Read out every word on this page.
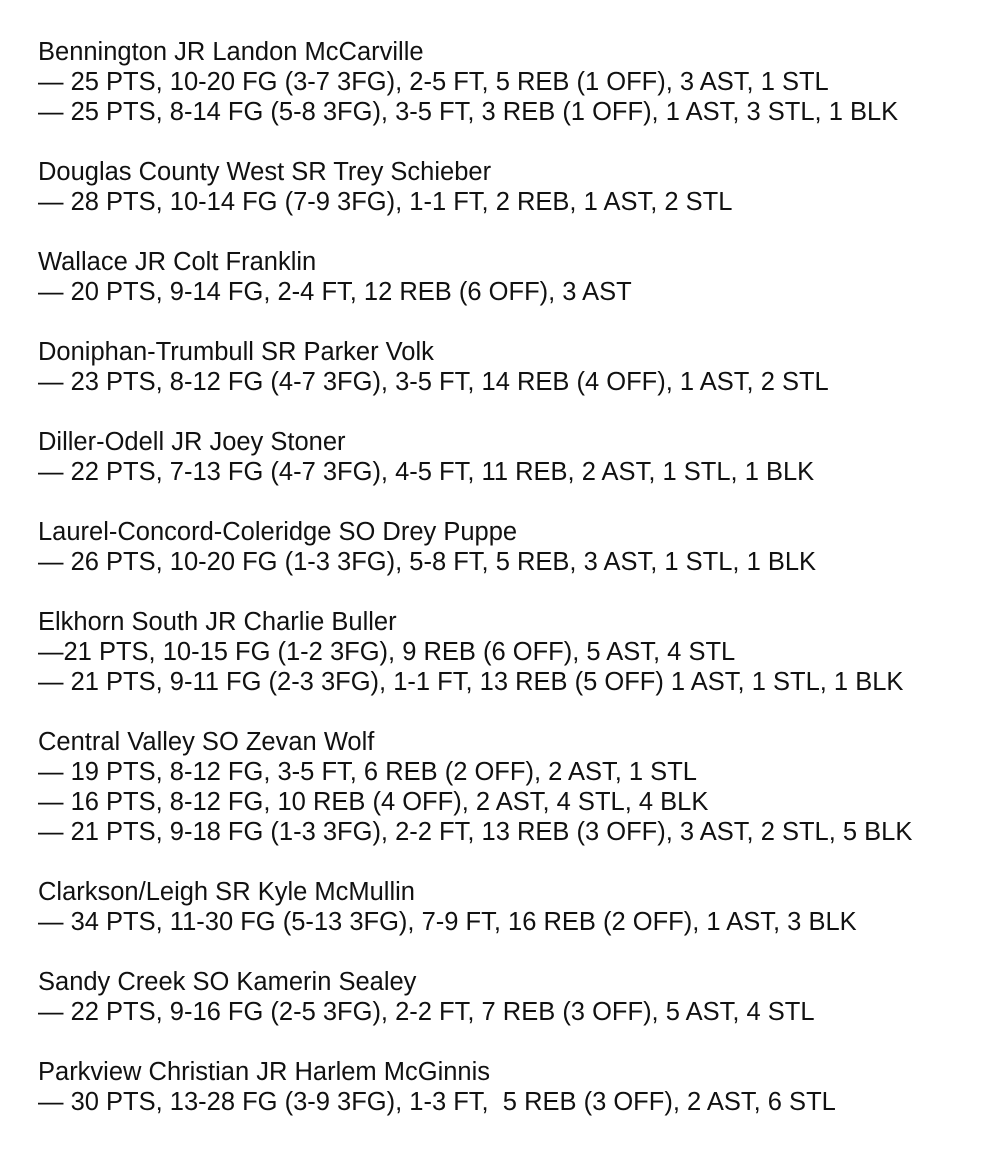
Bennington JR Landon McCarville
— 25 PTS, 10-20 FG (3-7 3FG), 2-5 FT, 5 REB (1 OFF), 3 AST, 1 STL
— 25 PTS, 8-14 FG (5-8 3FG), 3-5 FT, 3 REB (1 OFF), 1 AST, 3 STL, 1 BLK
Douglas County West SR Trey Schieber
— 28 PTS, 10-14 FG (7-9 3FG), 1-1 FT, 2 REB, 1 AST, 2 STL
Wallace JR Colt Franklin
— 20 PTS, 9-14 FG, 2-4 FT, 12 REB (6 OFF), 3 AST
Doniphan-Trumbull SR Parker Volk
— 23 PTS, 8-12 FG (4-7 3FG), 3-5 FT, 14 REB (4 OFF), 1 AST, 2 STL
Diller-Odell JR Joey Stoner
— 22 PTS, 7-13 FG (4-7 3FG), 4-5 FT, 11 REB, 2 AST, 1 STL, 1 BLK
Laurel-Concord-Coleridge SO Drey Puppe
— 26 PTS, 10-20 FG (1-3 3FG), 5-8 FT, 5 REB, 3 AST, 1 STL, 1 BLK
Elkhorn South JR Charlie Buller
—21 PTS, 10-15 FG (1-2 3FG), 9 REB (6 OFF), 5 AST, 4 STL
— 21 PTS, 9-11 FG (2-3 3FG), 1-1 FT, 13 REB (5 OFF) 1 AST, 1 STL, 1 BLK
Central Valley SO Zevan Wolf
— 19 PTS, 8-12 FG, 3-5 FT, 6 REB (2 OFF), 2 AST, 1 STL
— 16 PTS, 8-12 FG, 10 REB (4 OFF), 2 AST, 4 STL, 4 BLK
— 21 PTS, 9-18 FG (1-3 3FG), 2-2 FT, 13 REB (3 OFF), 3 AST, 2 STL, 5 BLK
Clarkson/Leigh SR Kyle McMullin
— 34 PTS, 11-30 FG (5-13 3FG), 7-9 FT, 16 REB (2 OFF), 1 AST, 3 BLK
Sandy Creek SO Kamerin Sealey
— 22 PTS, 9-16 FG (2-5 3FG), 2-2 FT, 7 REB (3 OFF), 5 AST, 4 STL
Parkview Christian JR Harlem McGinnis
— 30 PTS, 13-28 FG (3-9 3FG), 1-3 FT,  5 REB (3 OFF), 2 AST, 6 STL
